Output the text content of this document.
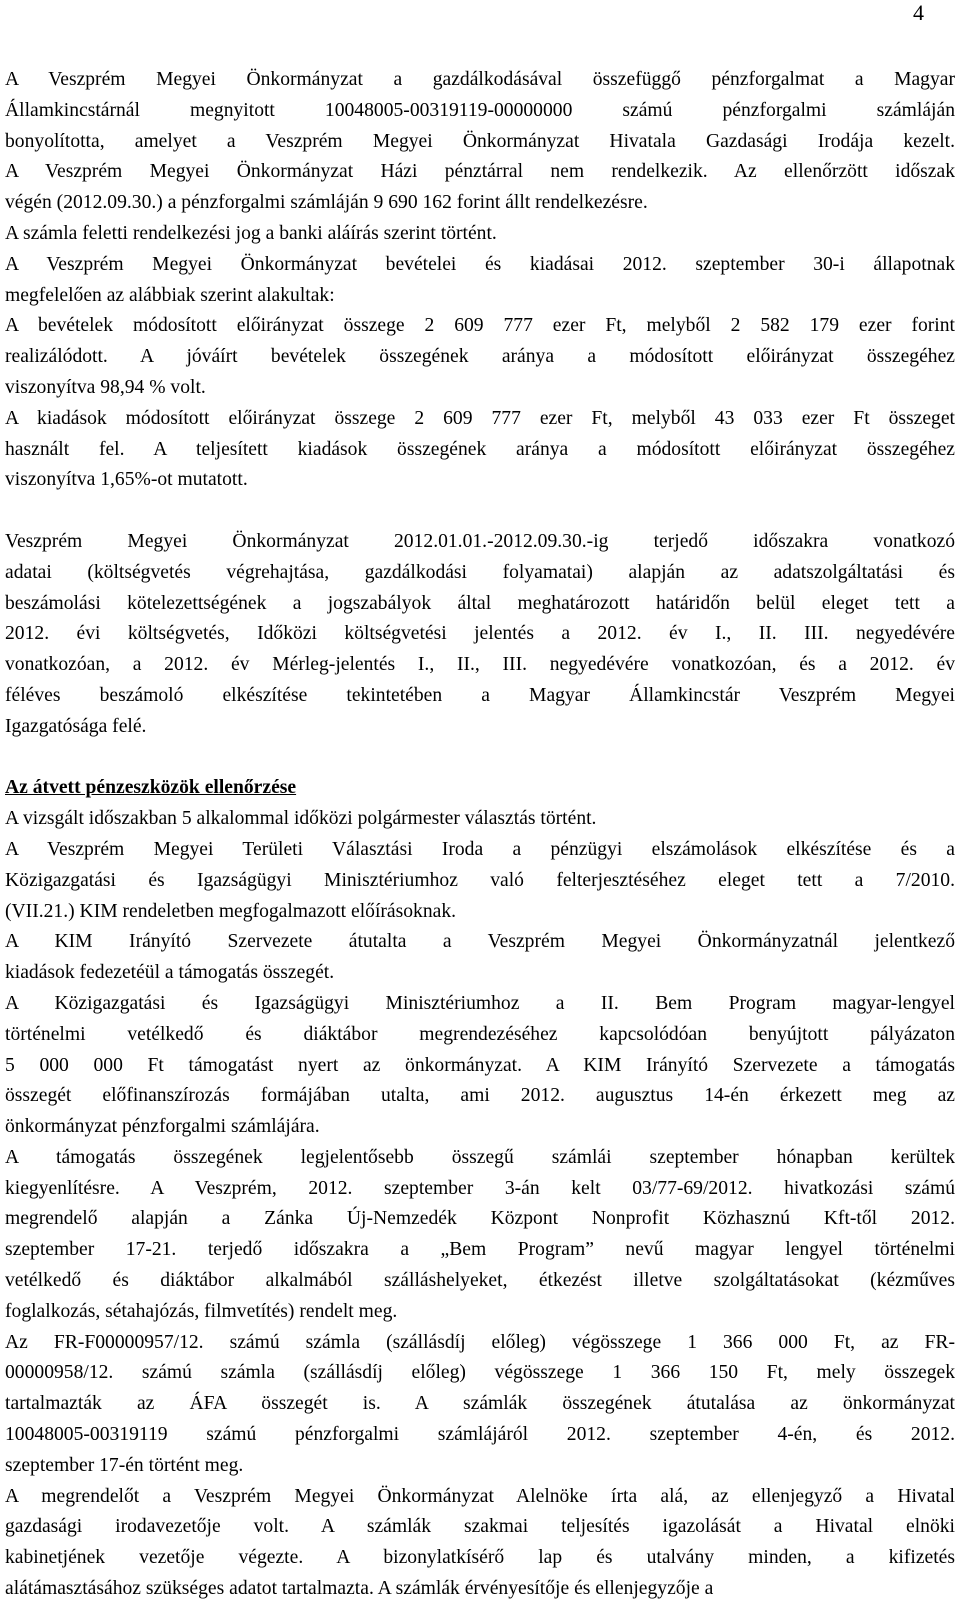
4
A Veszprém Megyei Önkormányzat a gazdálkodásával összefüggő pénzforgalmat a Magyar
Államkincstárnál megnyitott 10048005-00319119-00000000 számú pénzforgalmi számláján
bonyolította, amelyet a Veszprém Megyei Önkormányzat Hivatala Gazdasági Irodája kezelt.
A Veszprém Megyei Önkormányzat Házi pénztárral nem rendelkezik. Az ellenőrzött időszak
végén (2012.09.30.) a pénzforgalmi számláján 9 690 162 forint állt rendelkezésre.
A számla feletti rendelkezési jog a banki aláírás szerint történt.
A Veszprém Megyei Önkormányzat bevételei és kiadásai 2012. szeptember 30-i állapotnak
megfelelően az alábbiak szerint alakultak:
A bevételek módosított előirányzat összege 2 609 777 ezer Ft, melyből 2 582 179 ezer forint
realizálódott. A jóváírt bevételek összegének aránya a módosított előirányzat összegéhez
viszonyítva 98,94 % volt.
A kiadások módosított előirányzat összege 2 609 777 ezer Ft, melyből 43 033 ezer Ft összeget
használt fel. A teljesített kiadások összegének aránya a módosított előirányzat összegéhez
viszonyítva 1,65%-ot mutatott.
Veszprém Megyei Önkormányzat 2012.01.01.-2012.09.30.-ig terjedő időszakra vonatkozó
adatai (költségvetés végrehajtása, gazdálkodási folyamatai) alapján az adatszolgáltatási és
beszámolási kötelezettségének a jogszabályok által meghatározott határidőn belül eleget tett a
2012. évi költségvetés, Időközi költségvetési jelentés a 2012. év I., II. III. negyedévére
vonatkozóan, a 2012. év Mérleg-jelentés I., II., III. negyedévére vonatkozóan, és a 2012. év
féléves beszámoló elkészítése tekintetében a Magyar Államkincstár Veszprém Megyei
Igazgatósága felé.
Az átvett pénzeszközök ellenőrzése
A vizsgált időszakban 5 alkalommal időközi polgármester választás történt.
A Veszprém Megyei Területi Választási Iroda a pénzügyi elszámolások elkészítése és a
Közigazgatási és Igazságügyi Minisztériumhoz való felterjesztéséhez eleget tett a 7/2010.
(VII.21.) KIM rendeletben megfogalmazott előírásoknak.
A KIM Irányító Szervezete átutalta a Veszprém Megyei Önkormányzatnál jelentkező
kiadások fedezetéül a támogatás összegét.
A Közigazgatási és Igazságügyi Minisztériumhoz a II. Bem Program magyar-lengyel
történelmi vetélkedő és diáktábor megrendezéséhez kapcsolódóan benyújtott pályázaton
5 000 000 Ft támogatást nyert az önkormányzat. A KIM Irányító Szervezete a támogatás
összegét előfinanszírozás formájában utalta, ami 2012. augusztus 14-én érkezett meg az
önkormányzat pénzforgalmi számlájára.
A támogatás összegének legjelentősebb összegű számlái szeptember hónapban kerültek
kiegyenlítésre. A Veszprém, 2012. szeptember 3-án kelt 03/77-69/2012. hivatkozási számú
megrendelő alapján a Zánka Új-Nemzedék Központ Nonprofit Közhasznú Kft-től 2012.
szeptember 17-21. terjedő időszakra a „Bem Program” nevű magyar lengyel történelmi
vetélkedő és diáktábor alkalmából szálláshelyeket, étkezést illetve szolgáltatásokat (kézműves
foglalkozás, sétahajózás, filmvetítés) rendelt meg.
Az FR-F00000957/12. számú számla (szállásdíj előleg) végösszege 1 366 000 Ft, az FR-
00000958/12. számú számla (szállásdíj előleg) végösszege 1 366 150 Ft, mely összegek
tartalmazták az ÁFA összegét is. A számlák összegének átutalása az önkormányzat
10048005-00319119 számú pénzforgalmi számlájáról 2012. szeptember 4-én, és 2012.
szeptember 17-én történt meg.
A megrendelőt a Veszprém Megyei Önkormányzat Alelnöke írta alá, az ellenjegyző a Hivatal
gazdasági irodavezetője volt. A számlák szakmai teljesítés igazolását a Hivatal elnöki
kabinetjének vezetője végezte. A bizonylatkísérő lap és utalvány minden, a kifizetés
alátámasztásához szükséges adatot tartalmazta. A számlák érvényesítője és ellenjegyzője a
